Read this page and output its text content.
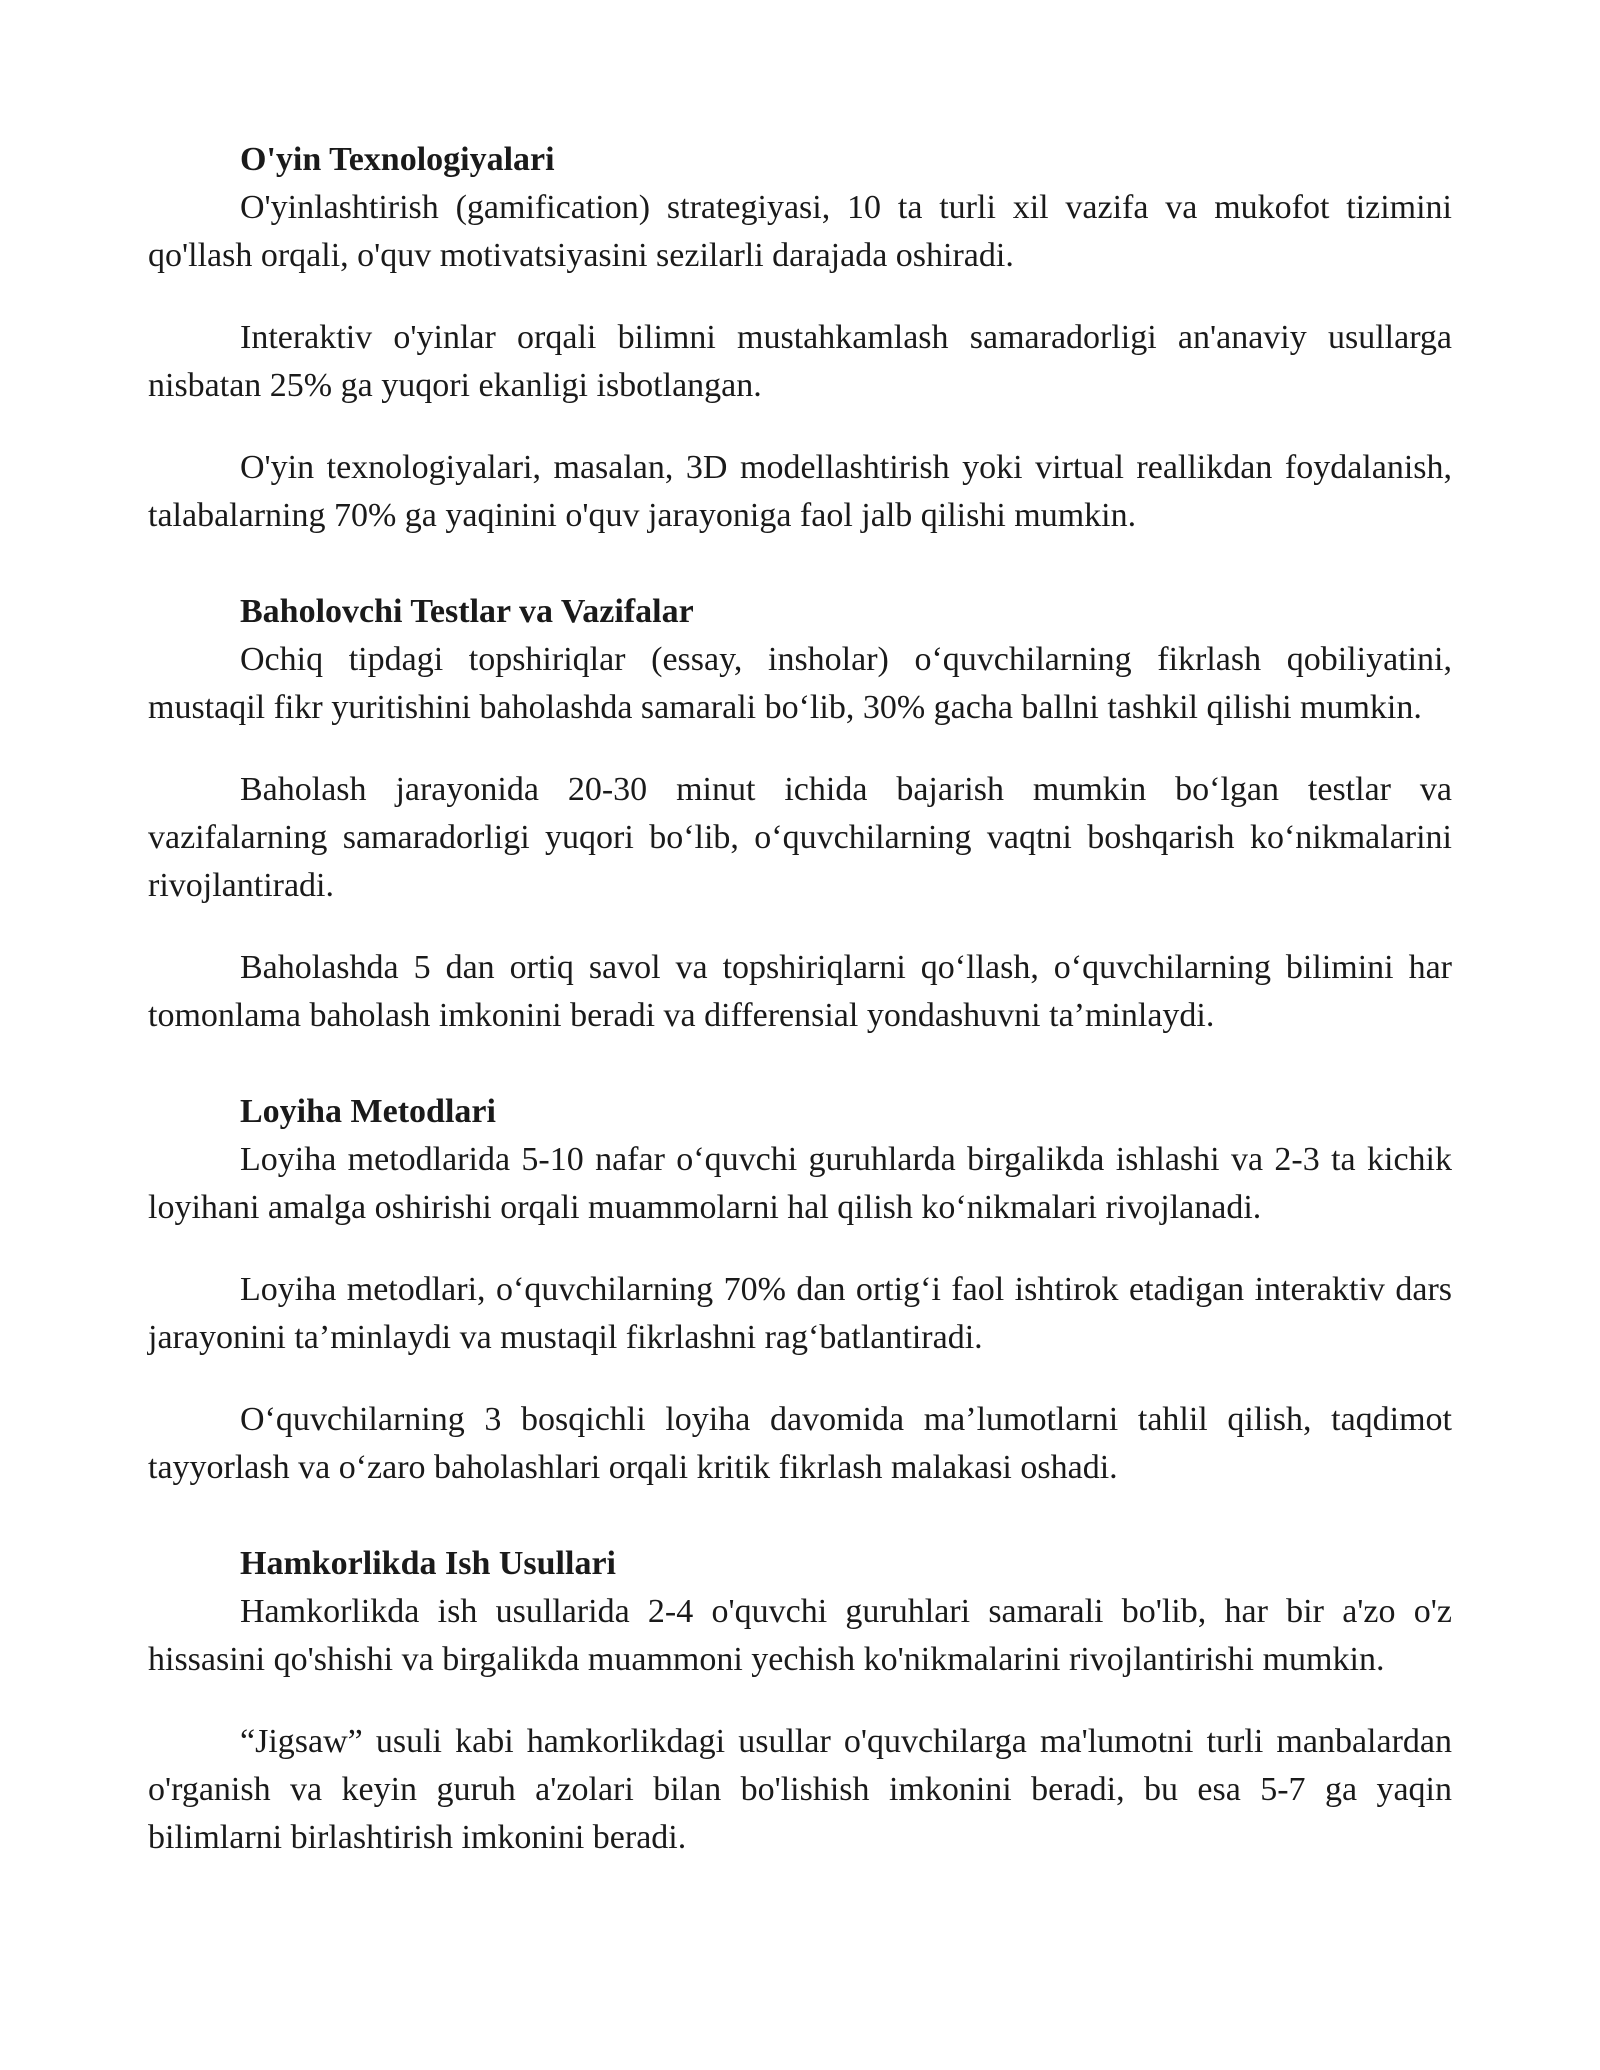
O'yin Texnologiyalari

O'yinlashtirish (gamification) strategiyasi, 10 ta turli xil vazifa va mukofot tizimini qo'llash orqali, o'quv motivatsiyasini sezilarli darajada oshiradi.

Interaktiv o'yinlar orqali bilimni mustahkamlash samaradorligi an'anaviy usullarga nisbatan 25% ga yuqori ekanligi isbotlangan.

O'yin texnologiyalari, masalan, 3D modellashtirish yoki virtual reallikdan foydalanish, talabalarning 70% ga yaqinini o'quv jarayoniga faol jalb qilishi mumkin.

Baholovchi Testlar va Vazifalar

Ochiq tipdagi topshiriqlar (essay, insholar) o‘quvchilarning fikrlash qobiliyatini, mustaqil fikr yuritishini baholashda samarali bo‘lib, 30% gacha ballni tashkil qilishi mumkin.

Baholash jarayonida 20-30 minut ichida bajarish mumkin bo‘lgan testlar va vazifalarning samaradorligi yuqori bo‘lib, o‘quvchilarning vaqtni boshqarish ko‘nikmalarini rivojlantiradi.

Baholashda 5 dan ortiq savol va topshiriqlarni qo‘llash, o‘quvchilarning bilimini har tomonlama baholash imkonini beradi va differensial yondashuvni ta’minlaydi.

Loyiha Metodlari

Loyiha metodlarida 5-10 nafar o‘quvchi guruhlarda birgalikda ishlashi va 2-3 ta kichik loyihani amalga oshirishi orqali muammolarni hal qilish ko‘nikmalari rivojlanadi.

Loyiha metodlari, o‘quvchilarning 70% dan ortig‘i faol ishtirok etadigan interaktiv dars jarayonini ta’minlaydi va mustaqil fikrlashni rag‘batlantiradi.

O‘quvchilarning 3 bosqichli loyiha davomida ma’lumotlarni tahlil qilish, taqdimot tayyorlash va o‘zaro baholashlari orqali kritik fikrlash malakasi oshadi.

Hamkorlikda Ish Usullari

Hamkorlikda ish usullarida 2-4 o'quvchi guruhlari samarali bo'lib, har bir a'zo o'z hissasini qo'shishi va birgalikda muammoni yechish ko'nikmalarini rivojlantirishi mumkin.

“Jigsaw” usuli kabi hamkorlikdagi usullar o'quvchilarga ma'lumotni turli manbalardan o'rganish va keyin guruh a'zolari bilan bo'lishish imkonini beradi, bu esa 5-7 ga yaqin bilimlarni birlashtirish imkonini beradi.
